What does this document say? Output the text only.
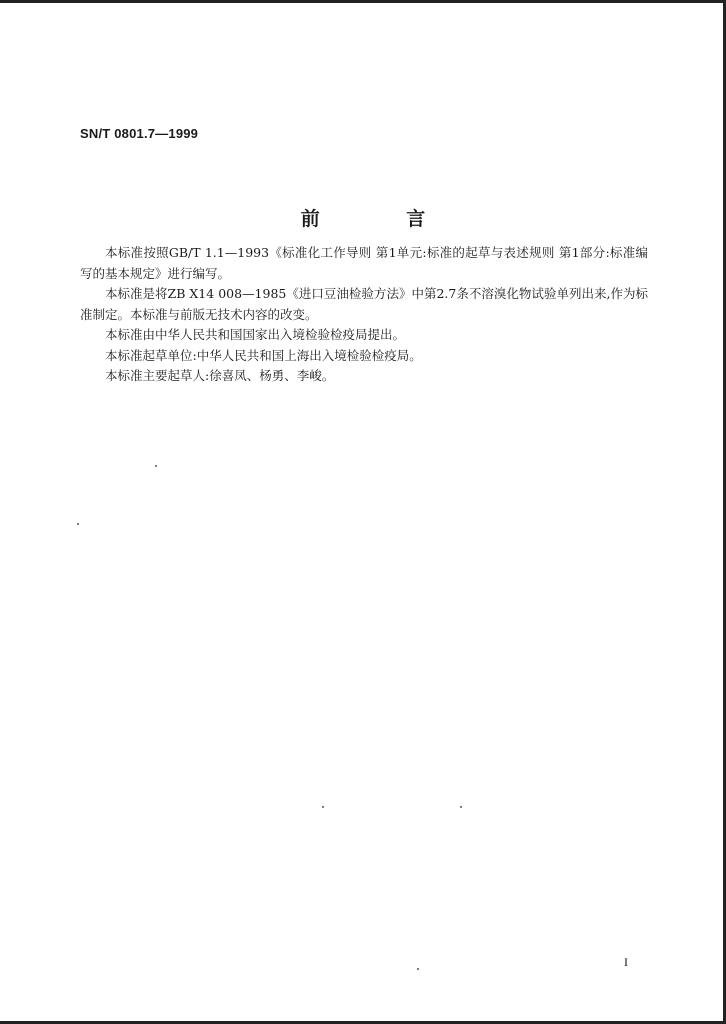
SN/T 0801.7—1999
前 言

本标准按照GB/T 1.1—1993《标准化工作导则 第1单元:标准的起草与表述规则 第1部分:标准编写的基本规定》进行编写。

本标准是将ZB X14 008—1985《进口豆油检验方法》中第2.7条不溶溴化物试验单列出来,作为标准制定。本标准与前版无技术内容的改变。

本标准由中华人民共和国国家出入境检验检疫局提出。

本标准起草单位:中华人民共和国上海出入境检验检疫局。

本标准主要起草人:徐喜凤、杨勇、李峻。

I
